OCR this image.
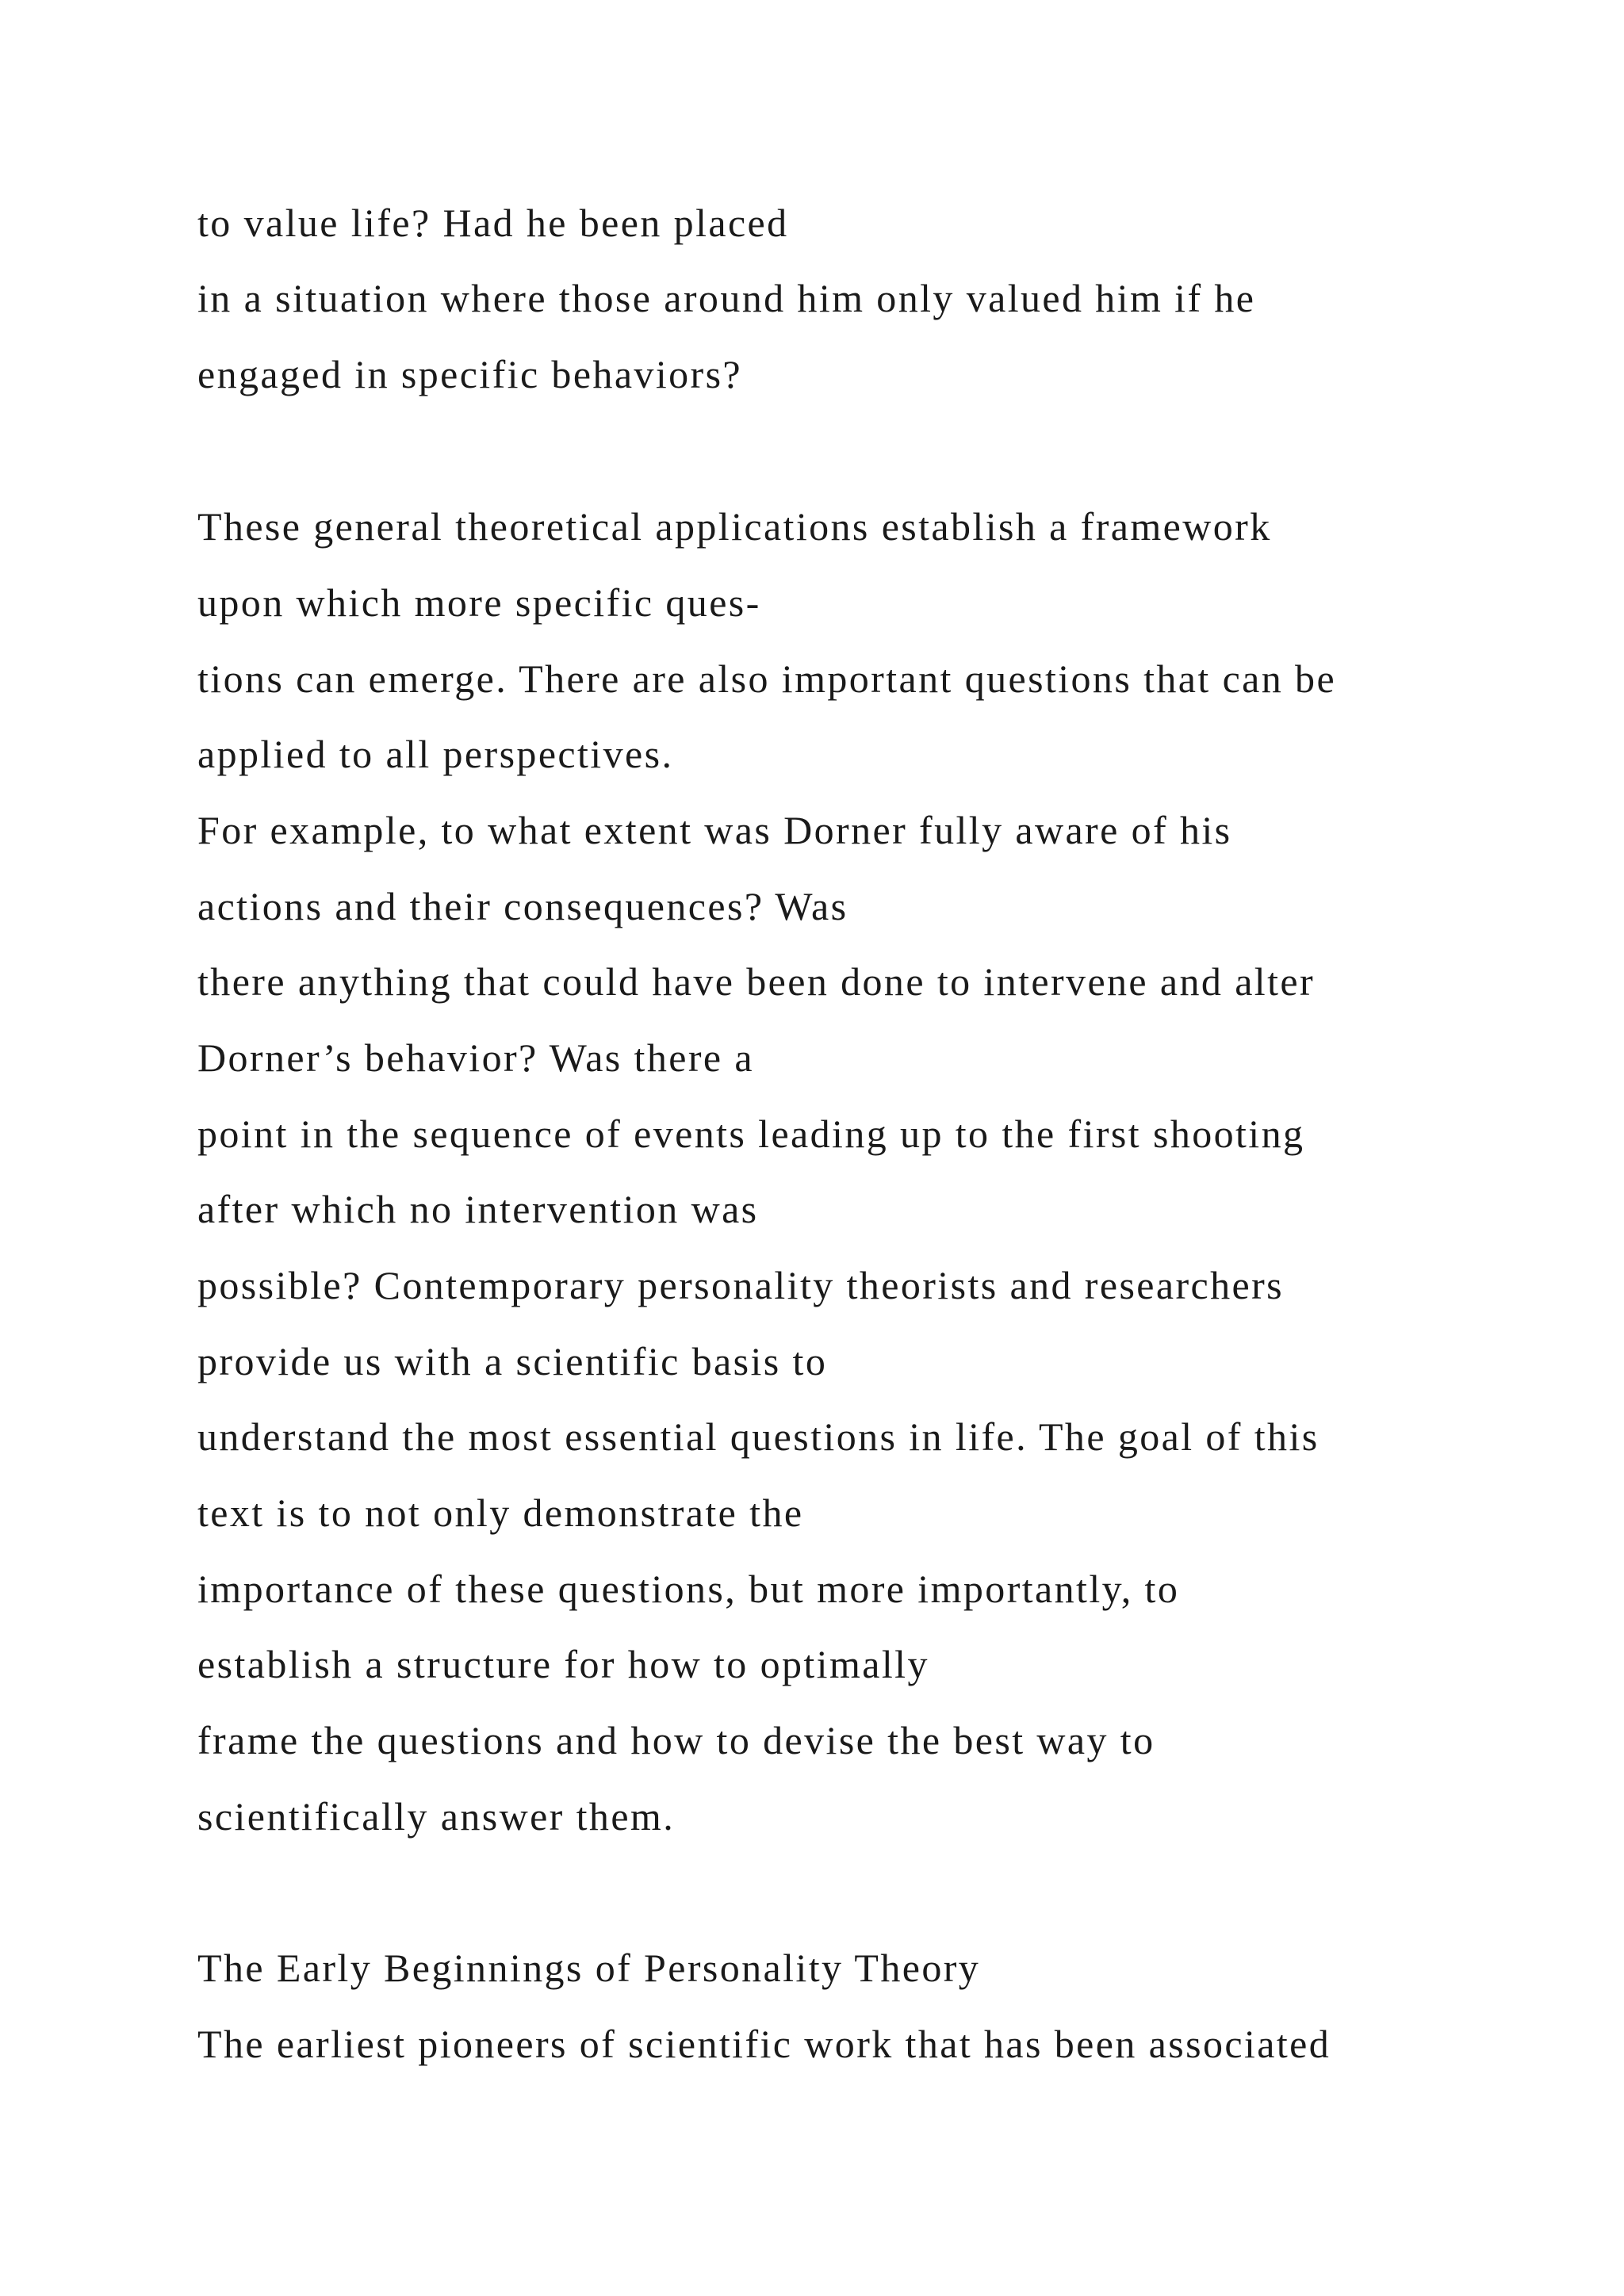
to value life? Had he been placed

in a situation where those around him only valued him if he

engaged in specific behaviors?

These general theoretical applications establish a framework

upon which more specific ques-

tions can emerge. There are also important questions that can be

applied to all perspectives.

For example, to what extent was Dorner fully aware of his

actions and their consequences? Was

there anything that could have been done to intervene and alter

Dorner’s behavior? Was there a

point in the sequence of events leading up to the first shooting

after which no intervention was

possible? Contemporary personality theorists and researchers

provide us with a scientific basis to

understand the most essential questions in life. The goal of this

text is to not only demonstrate the

importance of these questions, but more importantly, to

establish a structure for how to optimally

frame the questions and how to devise the best way to

scientifically answer them.

The Early Beginnings of Personality Theory

The earliest pioneers of scientific work that has been associated
